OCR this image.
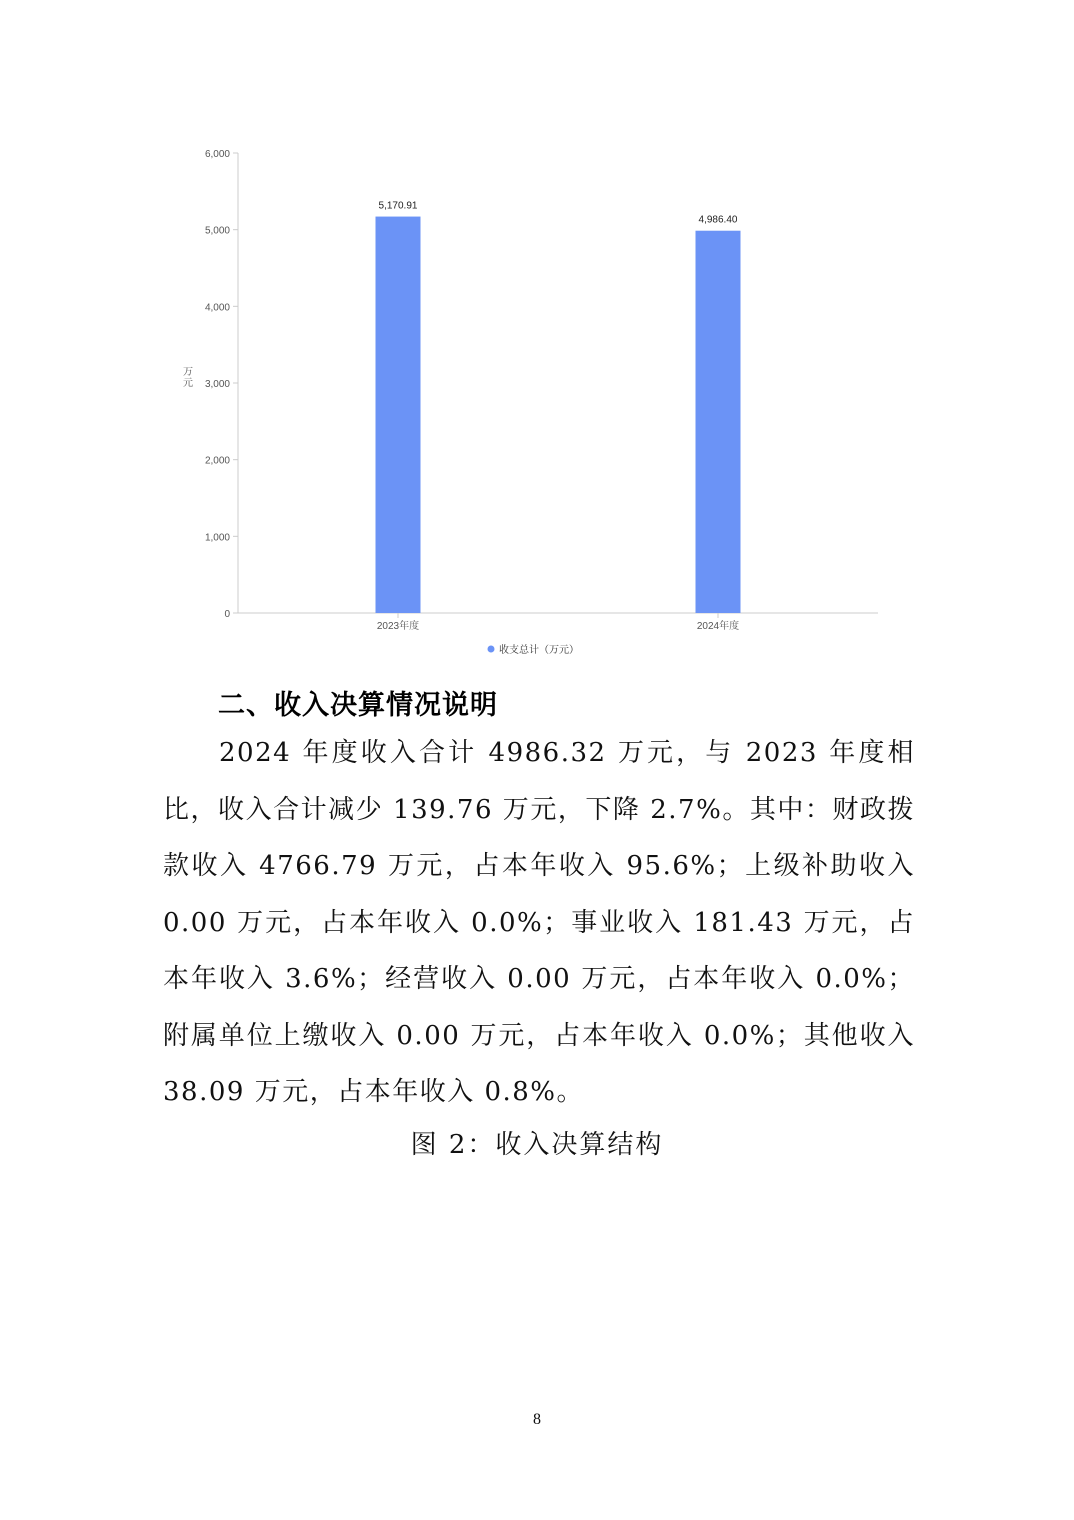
0
1,000
2,000
3,000
4,000
5,000
6,000
万元
5,170.91
2023年度
4,986.40
2024年度
收支总计（万元）
二、收入决算情况说明
2024 年度收入合计 4986.32 万元，与 2023 年度相比，收入合计减少 139.76 万元，下降 2.7%。其中：财政拨款收入 4766.79 万元，占本年收入 95.6%；上级补助收入 0.00 万元，占本年收入 0.0%；事业收入 181.43 万元，占本年收入 3.6%；经营收入 0.00 万元，占本年收入 0.0%；附属单位上缴收入 0.00 万元，占本年收入 0.0%；其他收入 38.09 万元，占本年收入 0.8%。
图 2：收入决算结构
8
